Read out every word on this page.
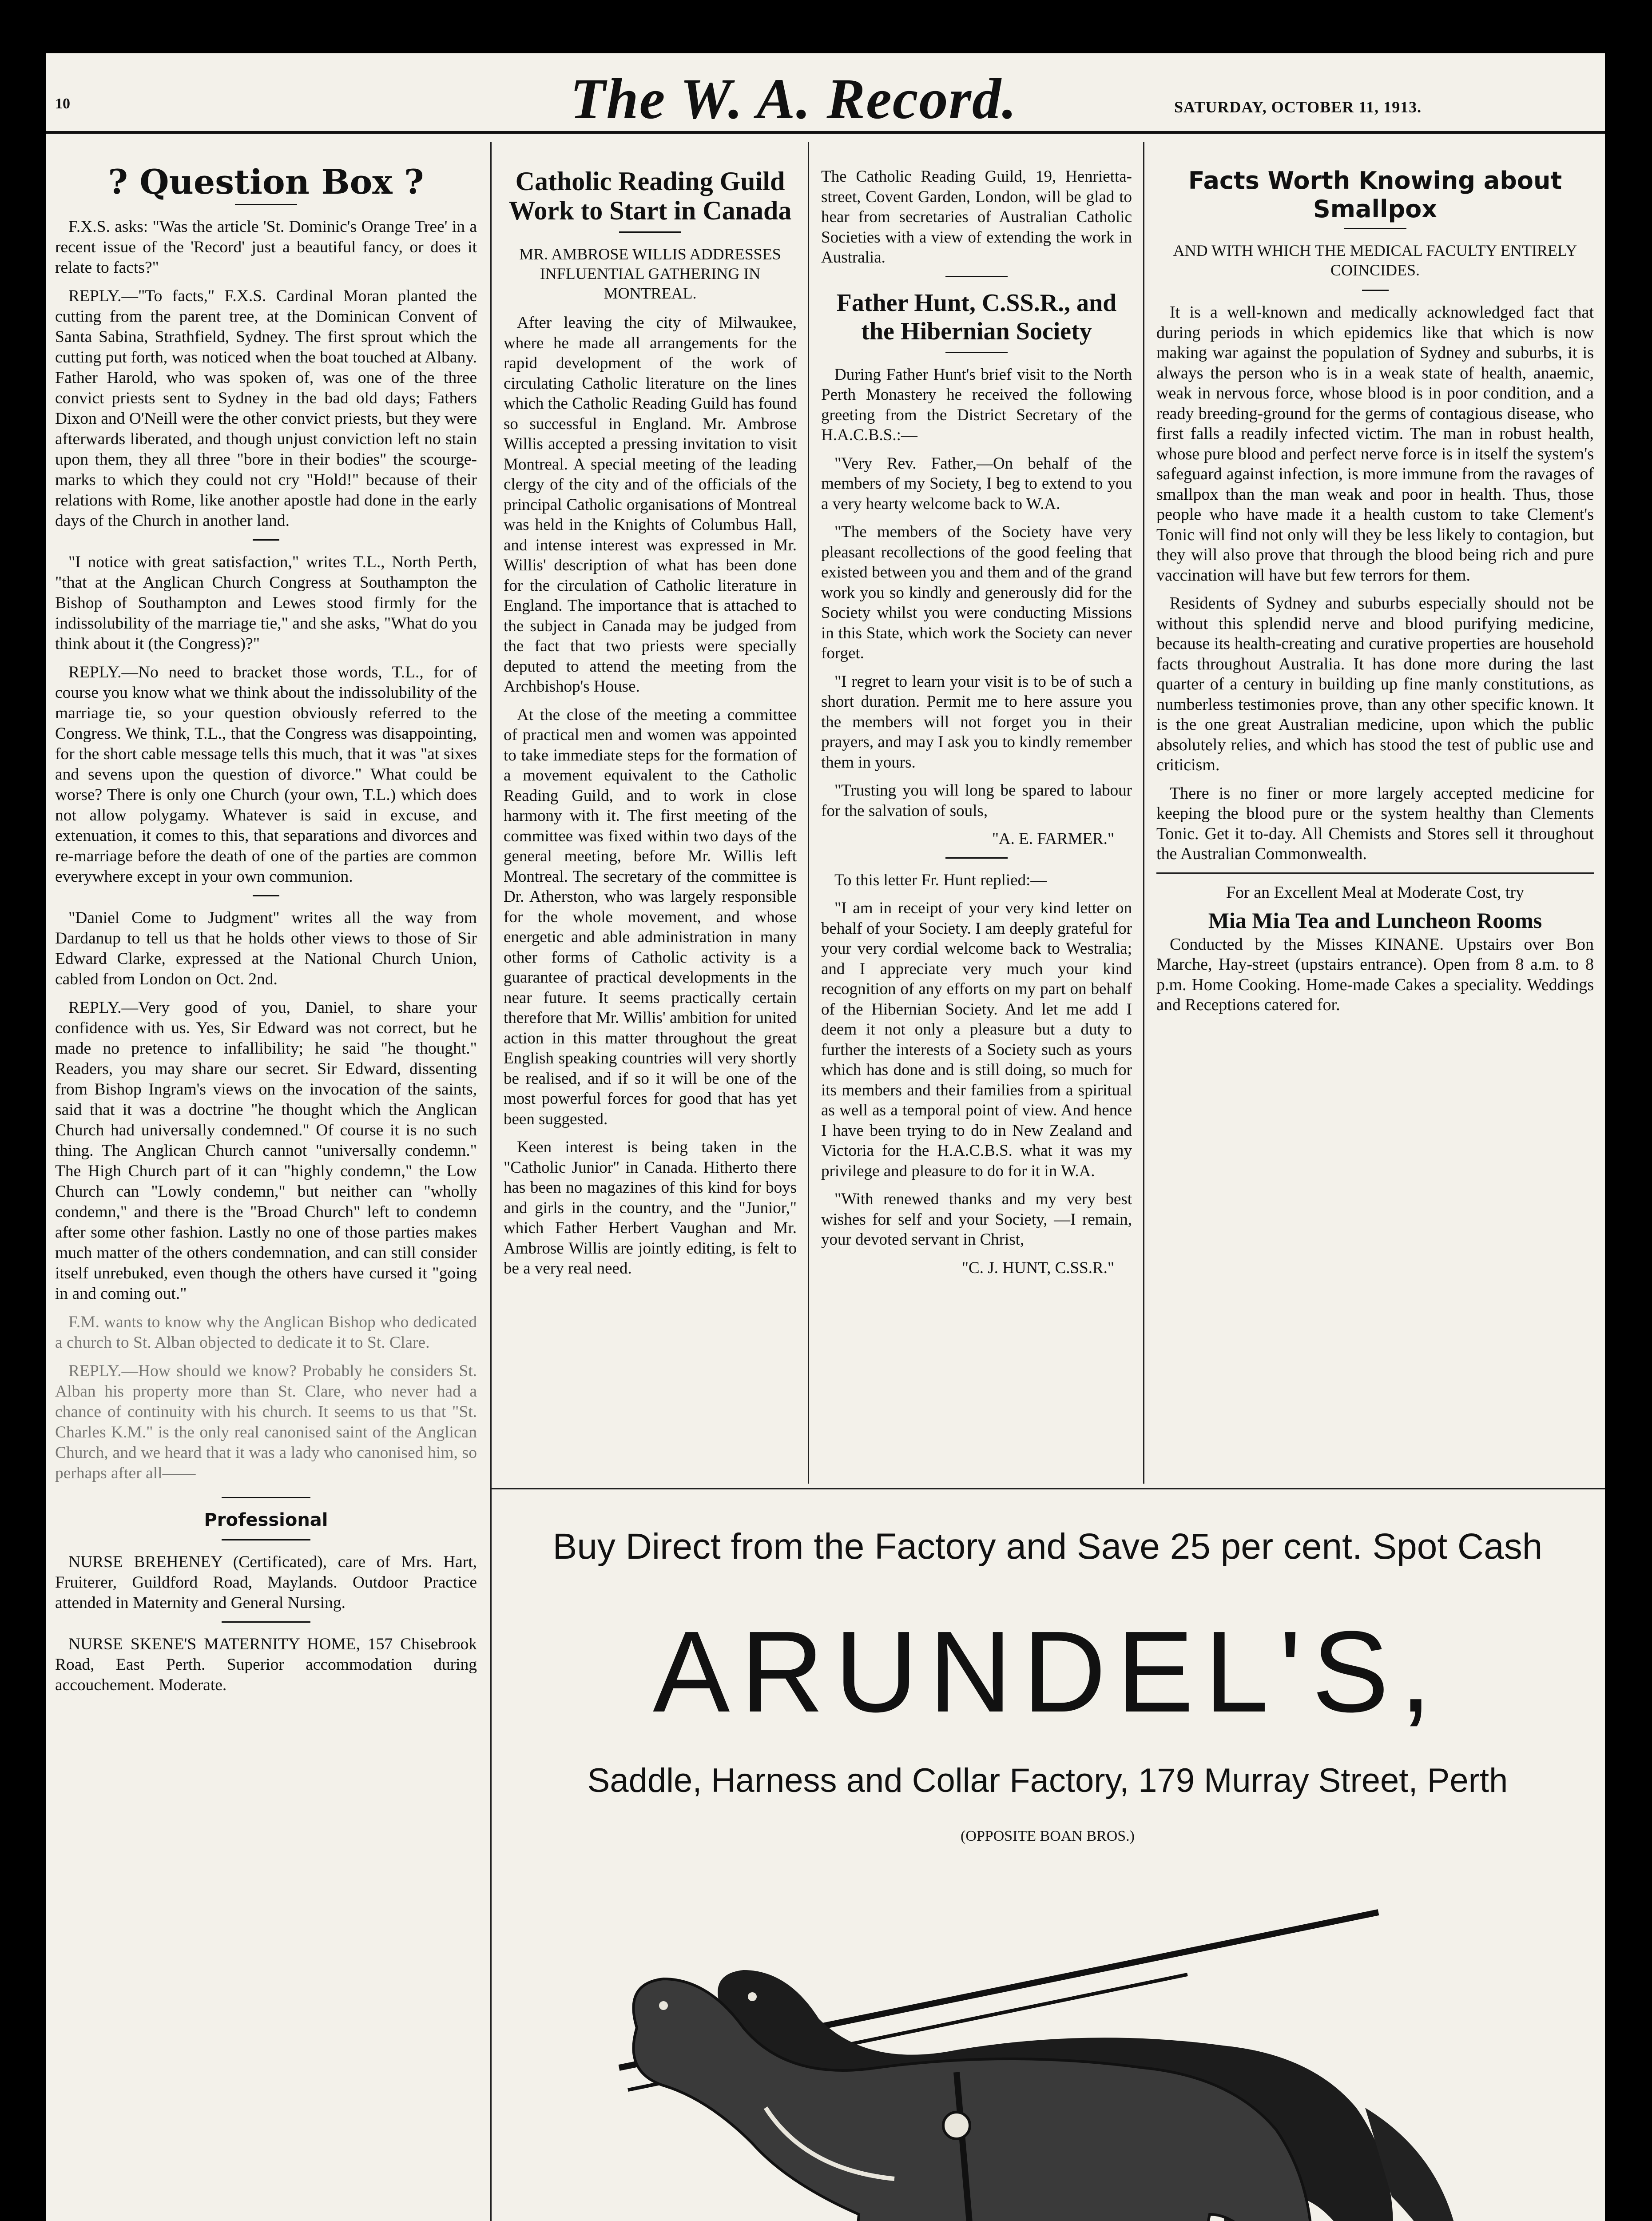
10	The W. A. Record.	SATURDAY, OCTOBER 11, 1913.
? Question Box ?

F.X.S. asks: "Was the article 'St. Dominic's Orange Tree' in a recent issue of the 'Record' just a beautiful fancy, or does it relate to facts?"

REPLY.—"To facts," F.X.S. Cardinal Moran planted the cutting from the parent tree, at the Dominican Convent of Santa Sabina, Strathfield, Sydney. The first sprout which the cutting put forth, was noticed when the boat touched at Albany. Father Harold, who was spoken of, was one of the three convict priests sent to Sydney in the bad old days; Fathers Dixon and O'Neill were the other convict priests, but they were afterwards liberated, and though unjust conviction left no stain upon them, they all three "bore in their bodies" the scourge-marks to which they could not cry "Hold!" because of their relations with Rome, like another apostle had done in the early days of the Church in another land.

"I notice with great satisfaction," writes T.L., North Perth, "that at the Anglican Church Congress at Southampton the Bishop of Southampton and Lewes stood firmly for the indissolubility of the marriage tie," and she asks, "What do you think about it (the Congress)?"

REPLY.—No need to bracket those words, T.L., for of course you know what we think about the indissolubility of the marriage tie, so your question obviously referred to the Congress. We think, T.L., that the Congress was disappointing, for the short cable message tells this much, that it was "at sixes and sevens upon the question of divorce." What could be worse? There is only one Church (your own, T.L.) which does not allow polygamy. Whatever is said in excuse, and extenuation, it comes to this, that separations and divorces and re-marriage before the death of one of the parties are common everywhere except in your own communion.

"Daniel Come to Judgment" writes all the way from Dardanup to tell us that he holds other views to those of Sir Edward Clarke, expressed at the National Church Union, cabled from London on Oct. 2nd.

REPLY.—Very good of you, Daniel, to share your confidence with us. Yes, Sir Edward was not correct, but he made no pretence to infallibility; he said "he thought." Readers, you may share our secret. Sir Edward, dissenting from Bishop Ingram's views on the invocation of the saints, said that it was a doctrine "he thought which the Anglican Church had universally condemned." Of course it is no such thing. The Anglican Church cannot "universally condemn." The High Church part of it can "highly condemn," the Low Church can "Lowly condemn," but neither can "wholly condemn," and there is the "Broad Church" left to condemn after some other fashion. Lastly no one of those parties makes much matter of the others condemnation, and can still consider itself unrebuked, even though the others have cursed it "going in and coming out."

F.M. wants to know why the Anglican Bishop who dedicated a church to St. Alban objected to dedicate it to St. Clare.

REPLY.—How should we know? Probably he considers St. Alban his property more than St. Clare, who never had a chance of continuity with his church. It seems to us that "St. Charles K.M." is the only real canonised saint of the Anglican Church, and we heard that it was a lady who canonised him, so perhaps after all——

Professional

NURSE BREHENEY (Certificated), care of Mrs. Hart, Fruiterer, Guildford Road, Maylands. Outdoor Practice attended in Maternity and General Nursing.

NURSE SKENE'S MATERNITY HOME, 157 Chisebrook Road, East Perth. Superior accommodation during accouchement. Moderate.

Catholic Reading Guild Work to Start in Canada
MR. AMBROSE WILLIS ADDRESSES INFLUENTIAL GATHERING IN MONTREAL.

After leaving the city of Milwaukee, where he made all arrangements for the rapid development of the work of circulating Catholic literature on the lines which the Catholic Reading Guild has found so successful in England. Mr. Ambrose Willis accepted a pressing invitation to visit Montreal. A special meeting of the leading clergy of the city and of the officials of the principal Catholic organisations of Montreal was held in the Knights of Columbus Hall, and intense interest was expressed in Mr. Willis' description of what has been done for the circulation of Catholic literature in England. The importance that is attached to the subject in Canada may be judged from the fact that two priests were specially deputed to attend the meeting from the Archbishop's House.

At the close of the meeting a committee of practical men and women was appointed to take immediate steps for the formation of a movement equivalent to the Catholic Reading Guild, and to work in close harmony with it. The first meeting of the committee was fixed within two days of the general meeting, before Mr. Willis left Montreal. The secretary of the committee is Dr. Atherston, who was largely responsible for the whole movement, and whose energetic and able administration in many other forms of Catholic activity is a guarantee of practical developments in the near future. It seems practically certain therefore that Mr. Willis' ambition for united action in this matter throughout the great English speaking countries will very shortly be realised, and if so it will be one of the most powerful forces for good that has yet been suggested.

Keen interest is being taken in the "Catholic Junior" in Canada. Hitherto there has been no magazines of this kind for boys and girls in the country, and the "Junior," which Father Herbert Vaughan and Mr. Ambrose Willis are jointly editing, is felt to be a very real need.

The Catholic Reading Guild, 19, Henrietta-street, Covent Garden, London, will be glad to hear from secretaries of Australian Catholic Societies with a view of extending the work in Australia.

Father Hunt, C.SS.R., and the Hibernian Society

During Father Hunt's brief visit to the North Perth Monastery he received the following greeting from the District Secretary of the H.A.C.B.S.:—

"Very Rev. Father,—On behalf of the members of my Society, I beg to extend to you a very hearty welcome back to W.A.

"The members of the Society have very pleasant recollections of the good feeling that existed between you and them and of the grand work you so kindly and generously did for the Society whilst you were conducting Missions in this State, which work the Society can never forget.

"I regret to learn your visit is to be of such a short duration. Permit me to here assure you the members will not forget you in their prayers, and may I ask you to kindly remember them in yours.

"Trusting you will long be spared to labour for the salvation of souls,

"A. E. FARMER."

To this letter Fr. Hunt replied:—

"I am in receipt of your very kind letter on behalf of your Society. I am deeply grateful for your very cordial welcome back to Westralia; and I appreciate very much your kind recognition of any efforts on my part on behalf of the Hibernian Society. And let me add I deem it not only a pleasure but a duty to further the interests of a Society such as yours which has done and is still doing, so much for its members and their families from a spiritual as well as a temporal point of view. And hence I have been trying to do in New Zealand and Victoria for the H.A.C.B.S. what it was my privilege and pleasure to do for it in W.A.

"With renewed thanks and my very best wishes for self and your Society, —I remain, your devoted servant in Christ,

"C. J. HUNT, C.SS.R."

Facts Worth Knowing about Smallpox
AND WITH WHICH THE MEDICAL FACULTY ENTIRELY COINCIDES.

It is a well-known and medically acknowledged fact that during periods in which epidemics like that which is now making war against the population of Sydney and suburbs, it is always the person who is in a weak state of health, anaemic, weak in nervous force, whose blood is in poor condition, and a ready breeding-ground for the germs of contagious disease, who first falls a readily infected victim. The man in robust health, whose pure blood and perfect nerve force is in itself the system's safeguard against infection, is more immune from the ravages of smallpox than the man weak and poor in health. Thus, those people who have made it a health custom to take Clement's Tonic will find not only will they be less likely to contagion, but they will also prove that through the blood being rich and pure vaccination will have but few terrors for them.

Residents of Sydney and suburbs especially should not be without this splendid nerve and blood purifying medicine, because its health-creating and curative properties are household facts throughout Australia. It has done more during the last quarter of a century in building up fine manly constitutions, as numberless testimonies prove, than any other specific known. It is the one great Australian medicine, upon which the public absolutely relies, and which has stood the test of public use and criticism.

There is no finer or more largely accepted medicine for keeping the blood pure or the system healthy than Clements Tonic. Get it to-day. All Chemists and Stores sell it throughout the Australian Commonwealth.

For an Excellent Meal at Moderate Cost, try

Mia Mia Tea and Luncheon Rooms

Conducted by the Misses KINANE. Upstairs over Bon Marche, Hay-street (upstairs entrance). Open from 8 a.m. to 8 p.m. Home Cooking. Home-made Cakes a speciality. Weddings and Receptions catered for.

Buy Direct from the Factory and Save 25 per cent. Spot Cash
ARUNDEL'S,
Saddle, Harness and Collar Factory, 179 Murray Street, Perth
(OPPOSITE BOAN BROS.)
